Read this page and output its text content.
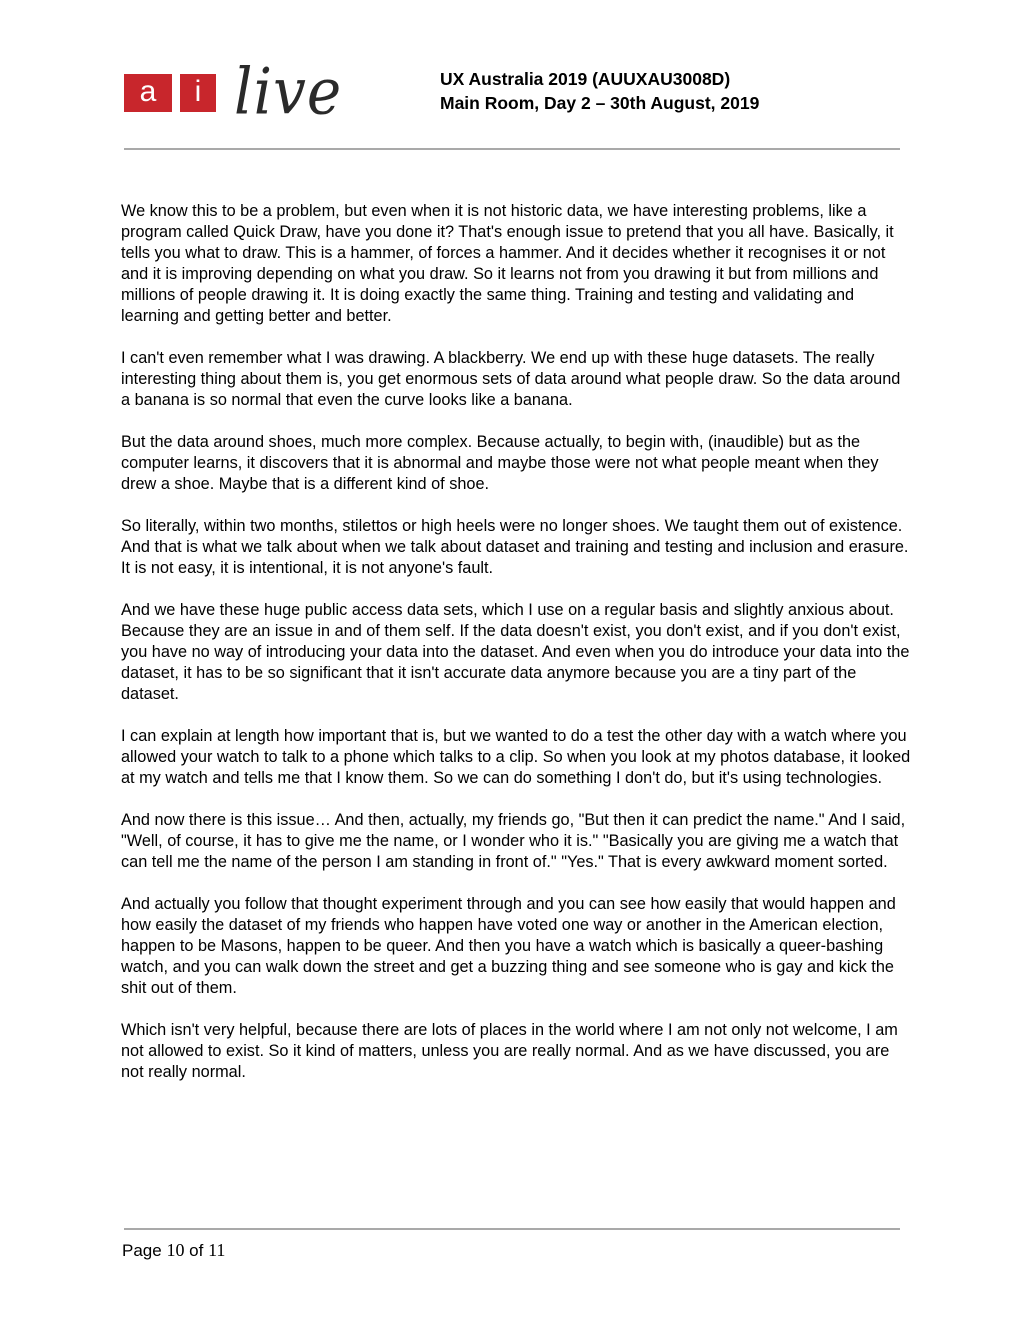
a	i live	UX Australia 2019 (AUUXAU3008D)
Main Room, Day 2 – 30th August, 2019

We know this to be a problem, but even when it is not historic data, we have interesting problems, like a program called Quick Draw, have you done it? That's enough issue to pretend that you all have. Basically, it tells you what to draw. This is a hammer, of forces a hammer. And it decides whether it recognises it or not and it is improving depending on what you draw. So it learns not from you drawing it but from millions and millions of people drawing it. It is doing exactly the same thing. Training and testing and validating and learning and getting better and better.

I can't even remember what I was drawing. A blackberry. We end up with these huge datasets. The really interesting thing about them is, you get enormous sets of data around what people draw. So the data around a banana is so normal that even the curve looks like a banana.

But the data around shoes, much more complex. Because actually, to begin with, (inaudible) but as the computer learns, it discovers that it is abnormal and maybe those were not what people meant when they drew a shoe. Maybe that is a different kind of shoe.

So literally, within two months, stilettos or high heels were no longer shoes. We taught them out of existence. And that is what we talk about when we talk about dataset and training and testing and inclusion and erasure. It is not easy, it is intentional, it is not anyone's fault.

And we have these huge public access data sets, which I use on a regular basis and slightly anxious about. Because they are an issue in and of them self. If the data doesn't exist, you don't exist, and if you don't exist, you have no way of introducing your data into the dataset. And even when you do introduce your data into the dataset, it has to be so significant that it isn't accurate data anymore because you are a tiny part of the dataset.

I can explain at length how important that is, but we wanted to do a test the other day with a watch where you allowed your watch to talk to a phone which talks to a clip. So when you look at my photos database, it looked at my watch and tells me that I know them. So we can do something I don't do, but it's using technologies.

And now there is this issue… And then, actually, my friends go, "But then it can predict the name." And I said, "Well, of course, it has to give me the name, or I wonder who it is." "Basically you are giving me a watch that can tell me the name of the person I am standing in front of." "Yes." That is every awkward moment sorted.

And actually you follow that thought experiment through and you can see how easily that would happen and how easily the dataset of my friends who happen have voted one way or another in the American election, happen to be Masons, happen to be queer. And then you have a watch which is basically a queer-bashing watch, and you can walk down the street and get a buzzing thing and see someone who is gay and kick the shit out of them.

Which isn't very helpful, because there are lots of places in the world where I am not only not welcome, I am not allowed to exist. So it kind of matters, unless you are really normal. And as we have discussed, you are not really normal.

Page 10 of 11
